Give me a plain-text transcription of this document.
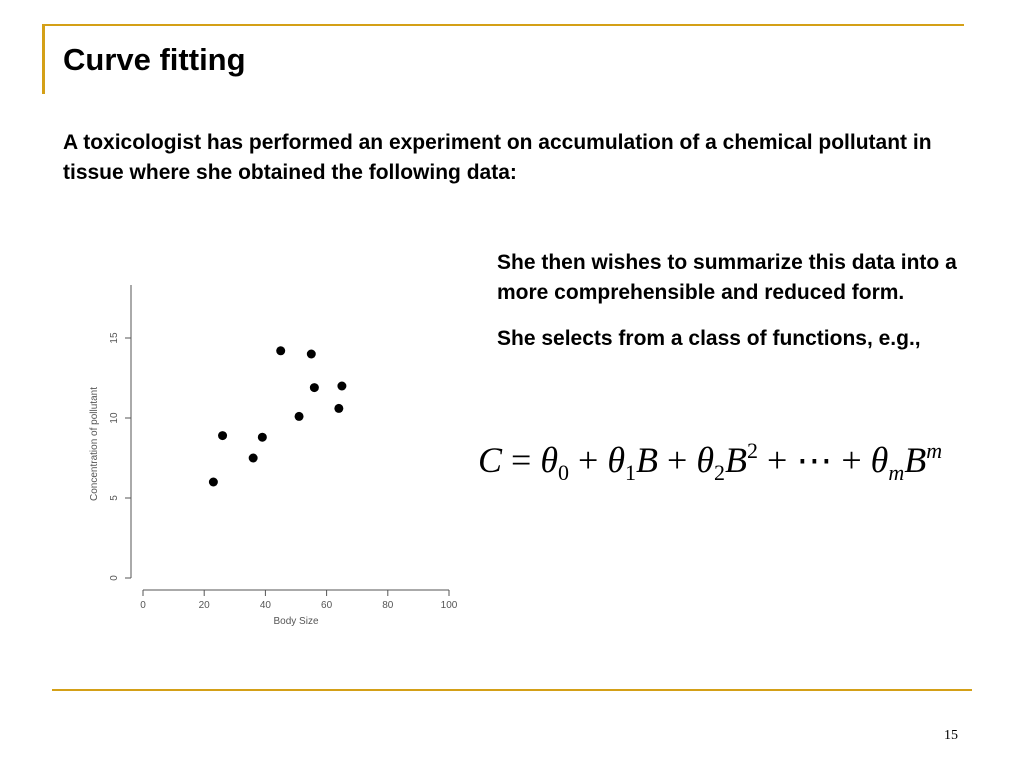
Curve fitting
A toxicologist has performed an experiment on accumulation of a chemical pollutant in tissue where she obtained the following data:
0	20	40	60	80	100
0
5
10
15
Body Size
Concentration of pollutant

She then wishes to summarize this data into a more comprehensible and reduced form.

She selects from a class of functions, e.g.,

$C = \theta_0 + \theta_1B + \theta_2B^2$ + ⋯ + $\theta_mB^m$
15
